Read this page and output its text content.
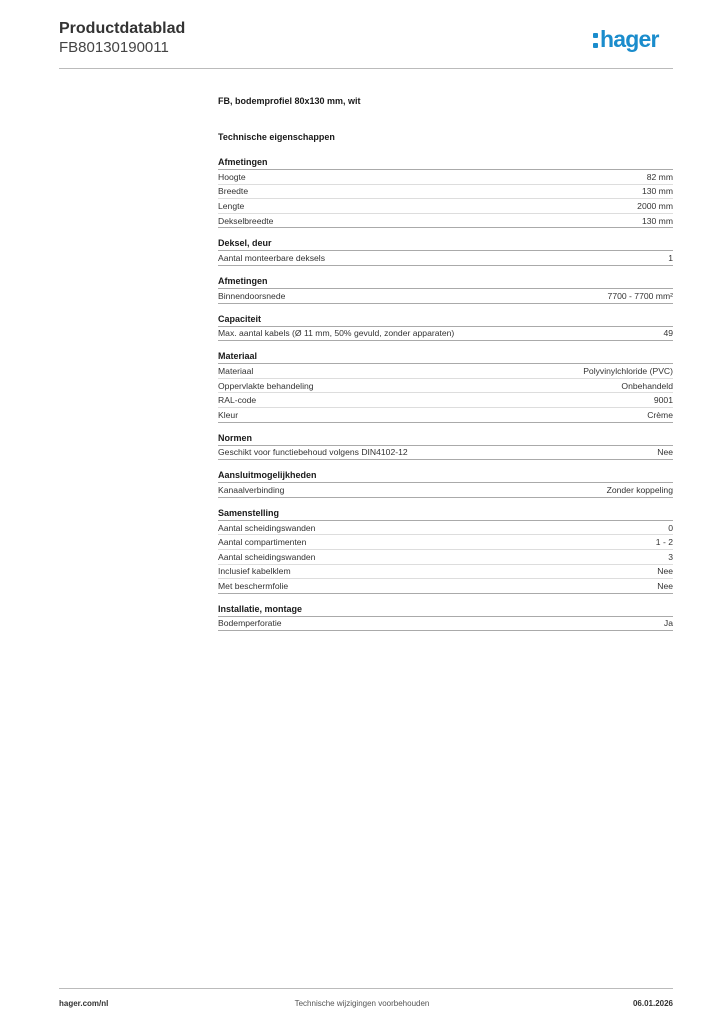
Productdatablad
FB80130190011	hager
FB, bodemprofiel 80x130 mm, wit
Technische eigenschappen
Afmetingen
Hoogte	82 mm
Breedte	130 mm
Lengte	2000 mm
Dekselbreedte	130 mm
Deksel, deur
Aantal monteerbare deksels	1
Afmetingen
Binnendoorsnede	7700 - 7700 mm²
Capaciteit
Max. aantal kabels (Ø 11 mm, 50% gevuld, zonder apparaten)	49
Materiaal
Materiaal	Polyvinylchloride (PVC)
Oppervlakte behandeling	Onbehandeld
RAL-code	9001
Kleur	Crème
Normen
Geschikt voor functiebehoud volgens DIN4102-12	Nee
Aansluitmogelijkheden
Kanaalverbinding	Zonder koppeling
Samenstelling
Aantal scheidingswanden	0
Aantal compartimenten	1 - 2
Aantal scheidingswanden	3
Inclusief kabelklem	Nee
Met beschermfolie	Nee
Installatie, montage
Bodemperforatie	Ja
hager.com/nl	Technische wijzigingen voorbehouden	06.01.2026
